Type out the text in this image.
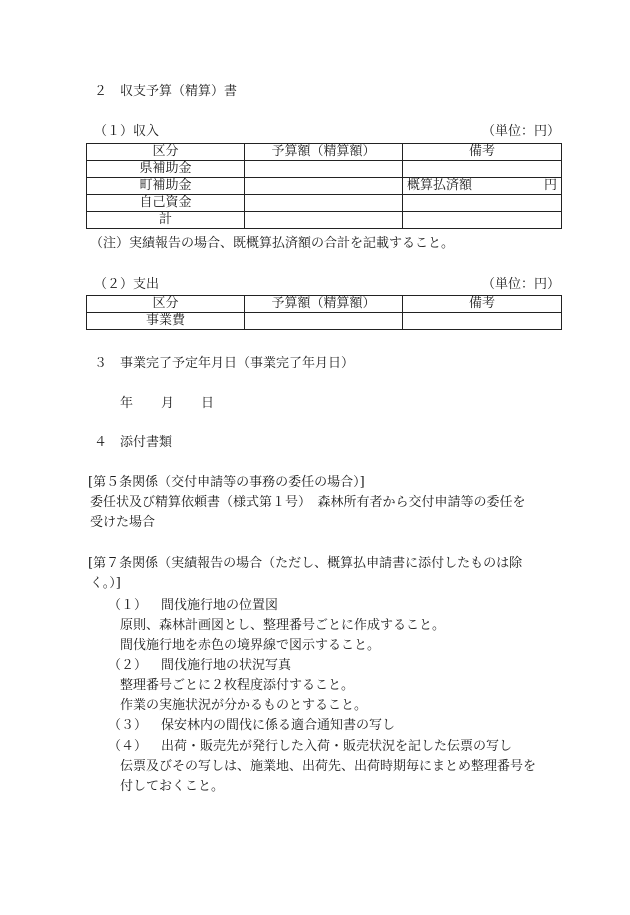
２　収支予算（精算）書
（１）収入	（単位：円）
区分	予算額（精算額）	備考
県補助金		
町補助金		概算払済額 円

自己資金		
計		
（注）実績報告の場合、既概算払済額の合計を記載すること。
（２）支出	（単位：円）
区分	予算額（精算額）	備考
事業費		
３　事業完了予定年月日（事業完了年月日）
年 月 日
４　添付書類
[第５条関係（交付申請等の事務の委任の場合）]
委任状及び精算依頼書（様式第１号）　森林所有者から交付申請等の委任を
受けた場合
[第７条関係（実績報告の場合（ただし、概算払申請書に添付したものは除
く。）]
（１） 間伐施行地の位置図
原則、森林計画図とし、整理番号ごとに作成すること。
間伐施行地を赤色の境界線で図示すること。
（２） 間伐施行地の状況写真
整理番号ごとに２枚程度添付すること。
作業の実施状況が分かるものとすること。
（３） 保安林内の間伐に係る適合通知書の写し
（４） 出荷・販売先が発行した入荷・販売状況を記した伝票の写し
伝票及びその写しは、施業地、出荷先、出荷時期毎にまとめ整理番号を
付しておくこと。
